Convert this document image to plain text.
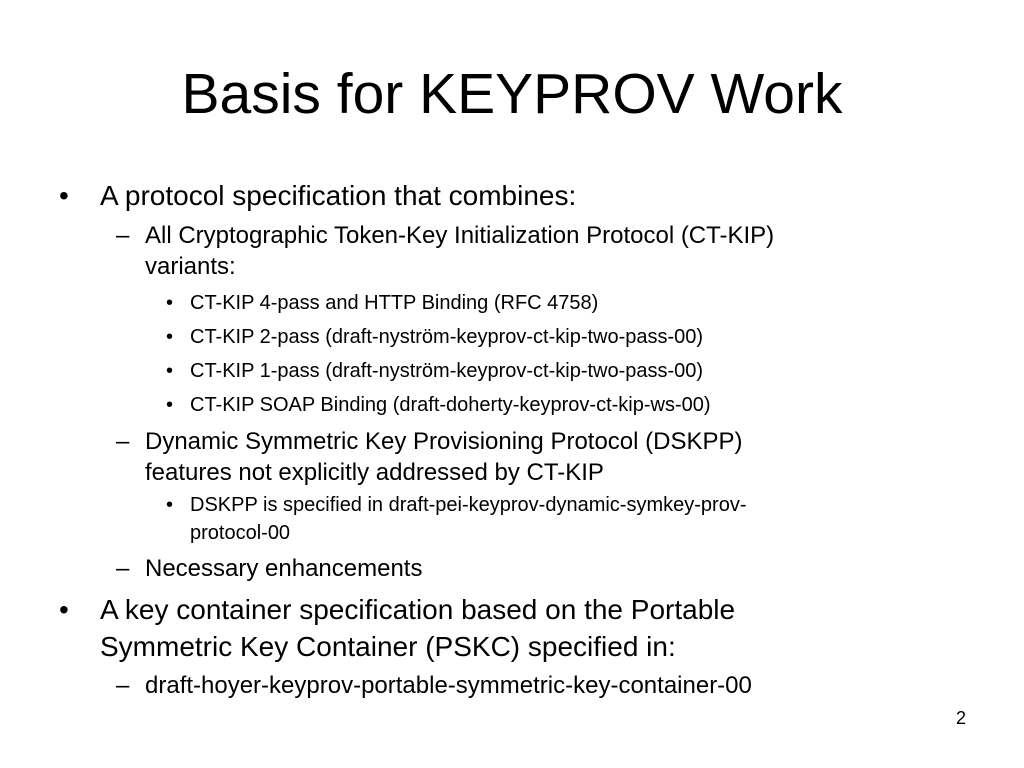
Basis for KEYPROV Work
• A protocol specification that combines:
– All Cryptographic Token-Key Initialization Protocol (CT-KIP)
variants:
• CT-KIP 4-pass and HTTP Binding (RFC 4758)
• CT-KIP 2-pass (draft-nyström-keyprov-ct-kip-two-pass-00)
• CT-KIP 1-pass (draft-nyström-keyprov-ct-kip-two-pass-00)
• CT-KIP SOAP Binding (draft-doherty-keyprov-ct-kip-ws-00)
– Dynamic Symmetric Key Provisioning Protocol (DSKPP)
features not explicitly addressed by CT-KIP
• DSKPP is specified in draft-pei-keyprov-dynamic-symkey-prov-
protocol-00
– Necessary enhancements
• A key container specification based on the Portable
Symmetric Key Container (PSKC) specified in:
– draft-hoyer-keyprov-portable-symmetric-key-container-00
2
